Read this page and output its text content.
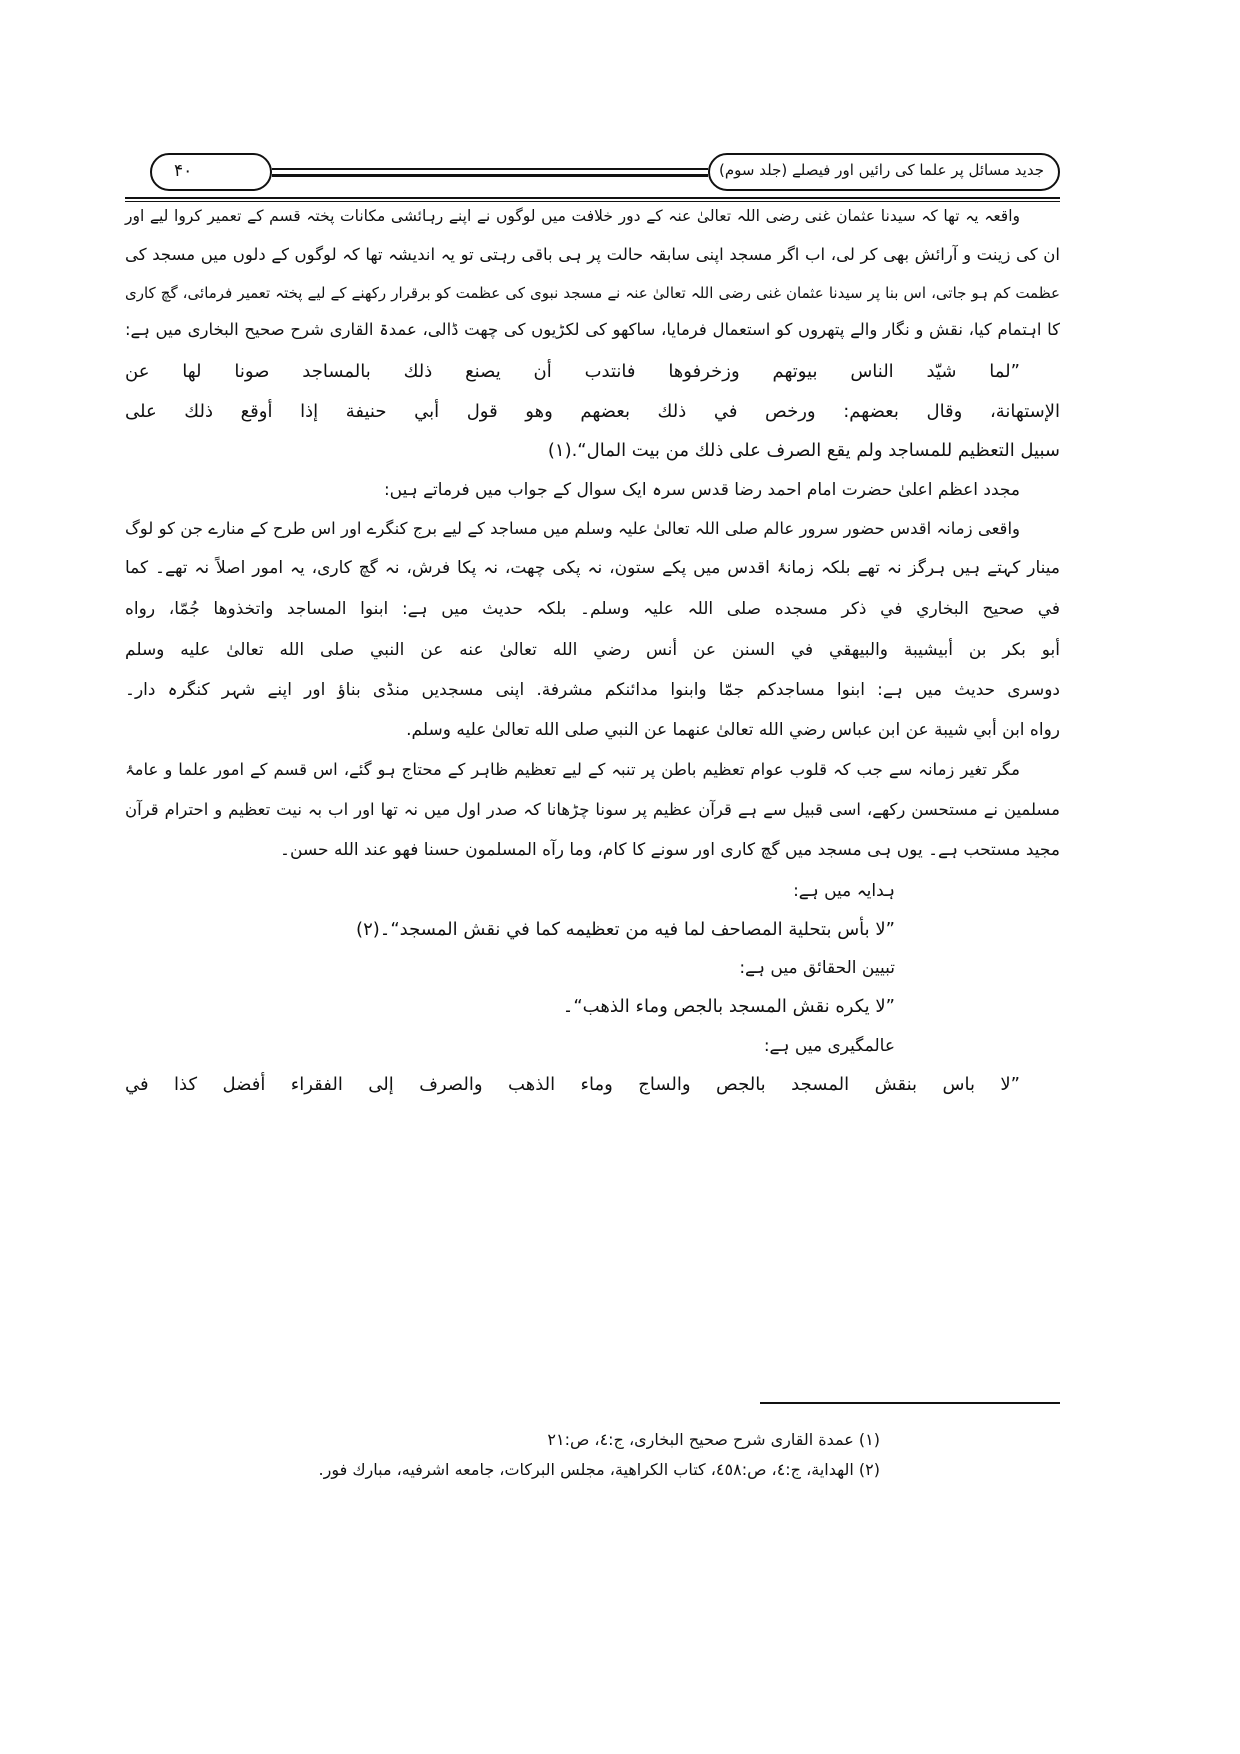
۴۰	جدید مسائل پر علما کی رائیں اور فیصلے (جلد سوم)
واقعہ یہ تھا کہ سیدنا عثمان غنی رضی اللہ تعالیٰ عنہ کے دور خلافت میں لوگوں نے اپنے رہائشی مکانات پختہ قسم کے تعمیر کروا لیے اور
ان کی زینت و آرائش بھی کر لی، اب اگر مسجد اپنی سابقہ حالت پر ہی باقی رہتی تو یہ اندیشہ تھا کہ لوگوں کے دلوں میں مسجد کی
عظمت کم ہو جاتی، اس بنا پر سیدنا عثمان غنی رضی اللہ تعالیٰ عنہ نے مسجد نبوی کی عظمت کو برقرار رکھنے کے لیے پختہ تعمیر فرمائی، گچ کاری
کا اہتمام کیا، نقش و نگار والے پتھروں کو استعمال فرمایا، ساکھو کی لکڑیوں کی چھت ڈالی، عمدۃ القاری شرح صحیح البخاری میں ہے:
”لما شيّد الناس بيوتهم وزخرفوها فانتدب أن يصنع ذلك بالمساجد صونا لها عن
الإستهانة، وقال بعضهم: ورخص في ذلك بعضهم وهو قول أبي حنيفة إذا أوقع ذلك على
سبيل التعظيم للمساجد ولم يقع الصرف على ذلك من بيت المال“.(۱)
مجدد اعظم اعلیٰ حضرت امام احمد رضا قدس سرہ ایک سوال کے جواب میں فرماتے ہیں:
واقعی زمانہ اقدس حضور سرور عالم صلی اللہ تعالیٰ علیہ وسلم میں مساجد کے لیے برج کنگرے اور اس طرح کے منارے جن کو لوگ
مینار کہتے ہیں ہرگز نہ تھے بلکہ زمانۂ اقدس میں پکے ستون، نہ پکی چھت، نہ پکا فرش، نہ گچ کاری، یہ امور اصلاً نہ تھے۔ كما
في صحيح البخاري في ذكر مسجده صلی اللہ علیہ وسلم۔ بلکہ حدیث میں ہے: ابنوا المساجد واتخذوها جُمّا، رواه
أبو بكر بن أبيشيبة والبيهقي في السنن عن أنس رضي الله تعالىٰ عنه عن النبي صلى الله تعالىٰ عليه وسلم
دوسری حدیث میں ہے: ابنوا مساجدكم جمّا وابنوا مدائنكم مشرفة. اپنی مسجدیں منڈی بناؤ اور اپنے شہر کنگرہ دار۔
رواه ابن أبي شيبة عن ابن عباس رضي الله تعالىٰ عنهما عن النبي صلى الله تعالىٰ عليه وسلم.
مگر تغیر زمانہ سے جب کہ قلوب عوام تعظیم باطن پر تنبہ کے لیے تعظیم ظاہر کے محتاج ہو گئے، اس قسم کے امور علما و عامۂ
مسلمین نے مستحسن رکھے، اسی قبیل سے ہے قرآن عظیم پر سونا چڑھانا کہ صدر اول میں نہ تھا اور اب بہ نیت تعظیم و احترام قرآن
مجید مستحب ہے۔ یوں ہی مسجد میں گچ کاری اور سونے کا کام، وما رآه المسلمون حسنا فهو عند الله حسن۔
ہدایہ میں ہے:
”لا بأس بتحلية المصاحف لما فيه من تعظيمه كما في نقش المسجد“۔(۲)
تبیین الحقائق میں ہے:
”لا يكره نقش المسجد بالجص وماء الذهب“۔
عالمگیری میں ہے:
”لا باس بنقش المسجد بالجص والساج وماء الذهب والصرف إلى الفقراء أفضل كذا في
(۱) عمدة القاری شرح صحیح البخاری، ج:٤، ص:٢١
(۲) الهداية، ج:٤، ص:٤٥٨، كتاب الكراهية، مجلس البركات، جامعه اشرفيه، مبارك فور.
